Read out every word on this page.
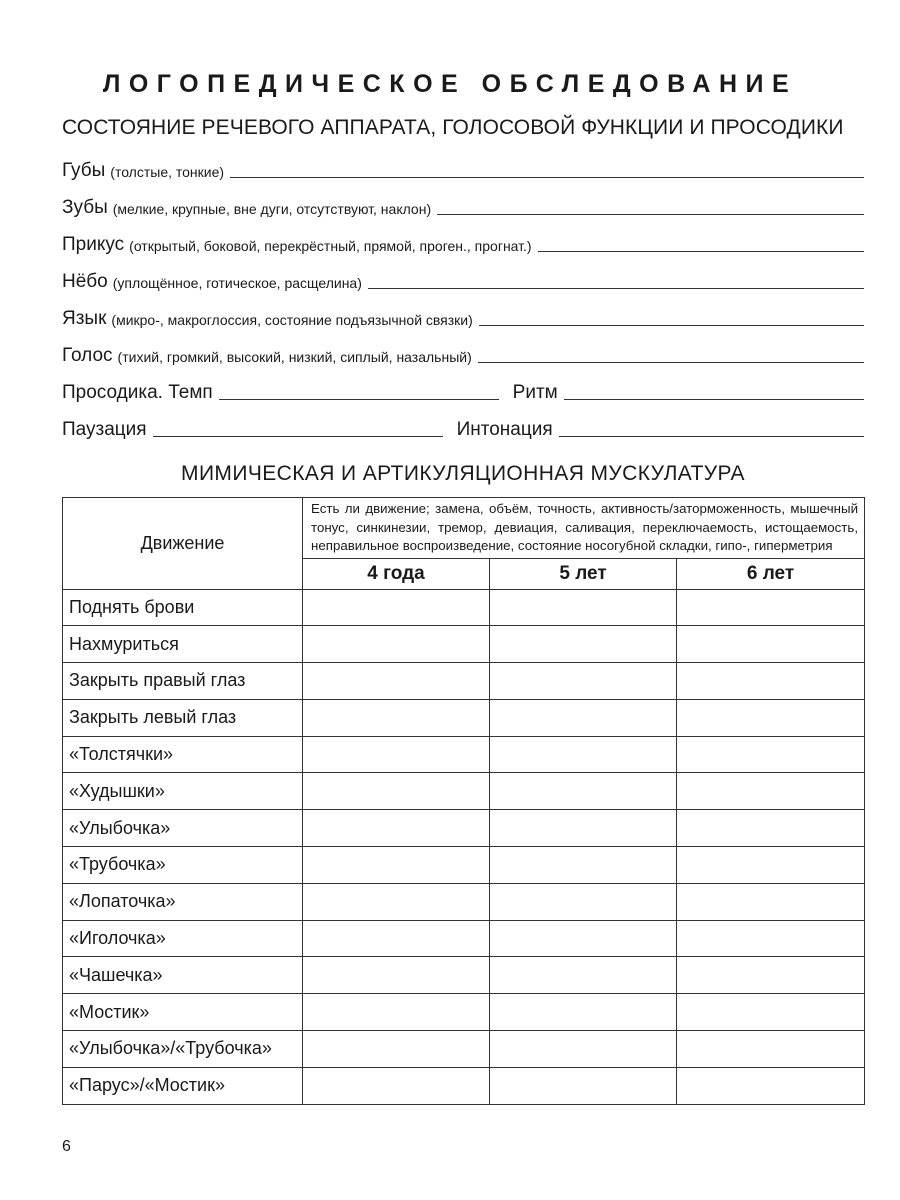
ЛОГОПЕДИЧЕСКОЕ ОБСЛЕДОВАНИЕ
СОСТОЯНИЕ РЕЧЕВОГО АППАРАТА, ГОЛОСОВОЙ ФУНКЦИИ И ПРОСОДИКИ
Губы (толстые, тонкие)
Зубы (мелкие, крупные, вне дуги, отсутствуют, наклон)
Прикус (открытый, боковой, перекрёстный, прямой, проген., прогнат.)
Нёбо (уплощённое, готическое, расщелина)
Язык (микро-, макроглоссия, состояние подъязычной связки)
Голос (тихий, громкий, высокий, низкий, сиплый, назальный)
Просодика. Темп	Ритм
Паузация	Интонация
МИМИЧЕСКАЯ И АРТИКУЛЯЦИОННАЯ МУСКУЛАТУРА
Движение	Есть ли движение; замена, объём, точность, активность/заторможенность, мышечный тонус, синкинезии, тремор, девиация, саливация, переключаемость, истощаемость, неправильное воспроизведение, состояние носогубной складки, гипо-, гиперметрия		
	4 года	5 лет	6 лет
Поднять брови			
Нахмуриться			
Закрыть правый глаз			
Закрыть левый глаз			
«Толстячки»			
«Худышки»			
«Улыбочка»			
«Трубочка»			
«Лопаточка»			
«Иголочка»			
«Чашечка»			
«Мостик»			
«Улыбочка»/«Трубочка»			
«Парус»/«Мостик»			
6
